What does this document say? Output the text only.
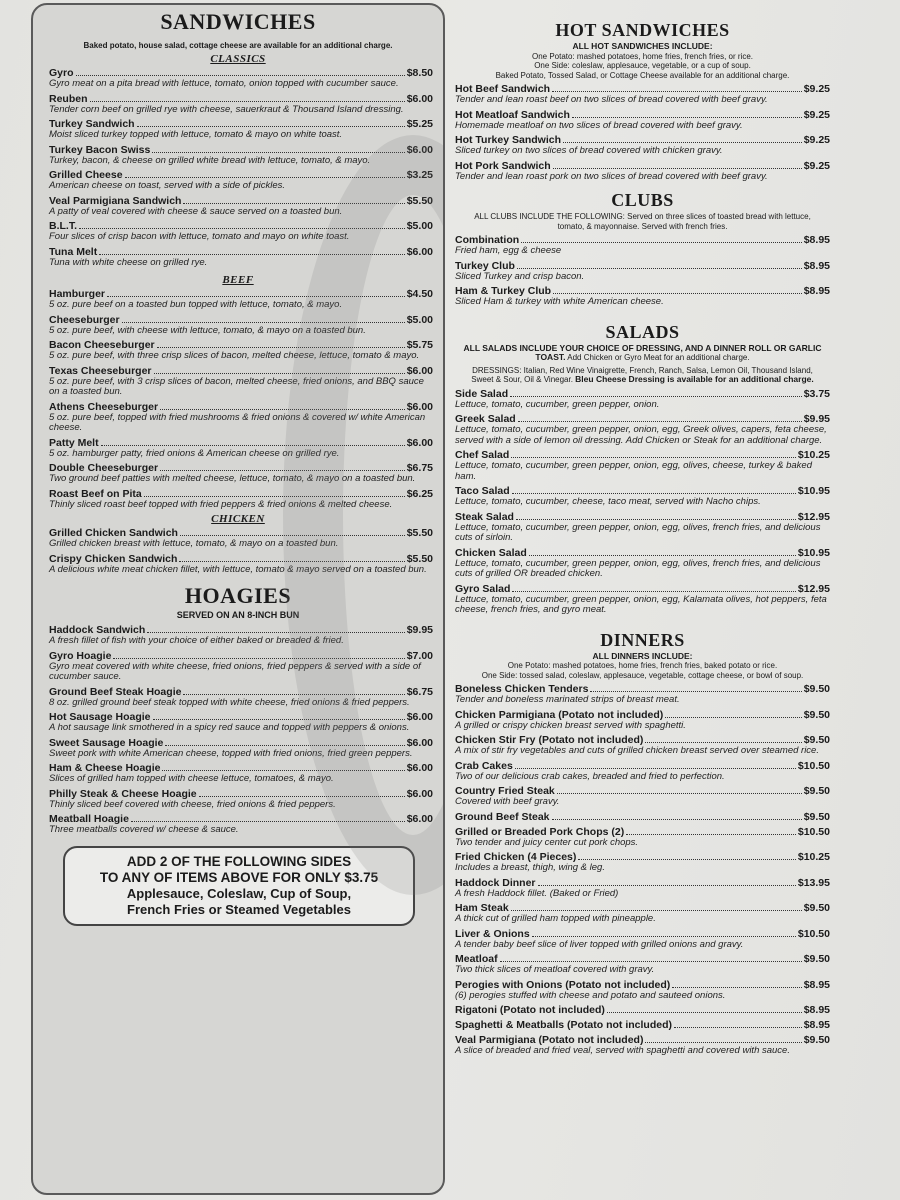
SANDWICHES
Baked potato, house salad, cottage cheese are available for an additional charge.
CLASSICS
Gyro	$8.50
Gyro meat on a pita bread with lettuce, tomato, onion topped with cucumber sauce.
Reuben	$6.00
Tender corn beef on grilled rye with cheese, sauerkraut & Thousand Island dressing.
Turkey Sandwich	$5.25
Moist sliced turkey topped with lettuce, tomato & mayo on white toast.
Turkey Bacon Swiss	$6.00
Turkey, bacon, & cheese on grilled white bread with lettuce, tomato, & mayo.
Grilled Cheese	$3.25
American cheese on toast, served with a side of pickles.
Veal Parmigiana Sandwich	$5.50
A patty of veal covered with cheese & sauce served on a toasted bun.
B.L.T.	$5.00
Four slices of crisp bacon with lettuce, tomato and mayo on white toast.
Tuna Melt	$6.00
Tuna with white cheese on grilled rye.
BEEF
Hamburger	$4.50
5 oz. pure beef on a toasted bun topped with lettuce, tomato, & mayo.
Cheeseburger	$5.00
5 oz. pure beef, with cheese with lettuce, tomato, & mayo on a toasted bun.
Bacon Cheeseburger	$5.75
5 oz. pure beef, with three crisp slices of bacon, melted cheese, lettuce, tomato & mayo.
Texas Cheeseburger	$6.00
5 oz. pure beef, with 3 crisp slices of bacon, melted cheese, fried onions, and BBQ sauce on a toasted bun.
Athens Cheeseburger	$6.00
5 oz. pure beef, topped with fried mushrooms & fried onions & covered w/ white American cheese.
Patty Melt	$6.00
5 oz. hamburger patty, fried onions & American cheese on grilled rye.
Double Cheeseburger	$6.75
Two ground beef patties with melted cheese, lettuce, tomato, & mayo on a toasted bun.
Roast Beef on Pita	$6.25
Thinly sliced roast beef topped with fried peppers & fried onions & melted cheese.
CHICKEN
Grilled Chicken Sandwich	$5.50
Grilled chicken breast with lettuce, tomato, & mayo on a toasted bun.
Crispy Chicken Sandwich	$5.50
A delicious white meat chicken fillet, with lettuce, tomato & mayo served on a toasted bun.
HOAGIES
SERVED ON AN 8-INCH BUN
Haddock Sandwich	$9.95
A fresh fillet of fish with your choice of either baked or breaded & fried.
Gyro Hoagie	$7.00
Gyro meat covered with white cheese, fried onions, fried peppers & served with a side of cucumber sauce.
Ground Beef Steak Hoagie	$6.75
8 oz. grilled ground beef steak topped with white cheese, fried onions & fried peppers.
Hot Sausage Hoagie	$6.00
A hot sausage link smothered in a spicy red sauce and topped with peppers & onions.
Sweet Sausage Hoagie	$6.00
Sweet pork with white American cheese, topped with fried onions, fried green peppers.
Ham & Cheese Hoagie	$6.00
Slices of grilled ham topped with cheese lettuce, tomatoes, & mayo.
Philly Steak & Cheese Hoagie	$6.00
Thinly sliced beef covered with cheese, fried onions & fried peppers.
Meatball Hoagie	$6.00
Three meatballs covered w/ cheese & sauce.
ADD 2 OF THE FOLLOWING SIDES
TO ANY OF ITEMS ABOVE FOR ONLY $3.75
Applesauce, Coleslaw, Cup of Soup,
French Fries or Steamed Vegetables
HOT SANDWICHES
ALL HOT SANDWICHES INCLUDE:
One Potato: mashed potatoes, home fries, french fries, or rice.
One Side: coleslaw, applesauce, vegetable, or a cup of soup.
Baked Potato, Tossed Salad, or Cottage Cheese available for an additional charge.
Hot Beef Sandwich	$9.25
Tender and lean roast beef on two slices of bread covered with beef gravy.
Hot Meatloaf Sandwich	$9.25
Homemade meatloaf on two slices of bread covered with beef gravy.
Hot Turkey Sandwich	$9.25
Sliced turkey on two slices of bread covered with chicken gravy.
Hot Pork Sandwich	$9.25
Tender and lean roast pork on two slices of bread covered with beef gravy.
CLUBS
ALL CLUBS INCLUDE THE FOLLOWING: Served on three slices of toasted bread with lettuce, tomato, & mayonnaise. Served with french fries.
Combination	$8.95
Fried ham, egg & cheese
Turkey Club	$8.95
Sliced Turkey and crisp bacon.
Ham & Turkey Club	$8.95
Sliced Ham & turkey with white American cheese.
SALADS
ALL SALADS INCLUDE YOUR CHOICE OF DRESSING, AND A DINNER ROLL OR GARLIC TOAST. Add Chicken or Gyro Meat for an additional charge.
DRESSINGS: Italian, Red Wine Vinaigrette, French, Ranch, Salsa, Lemon Oil, Thousand Island, Sweet & Sour, Oil & Vinegar. Bleu Cheese Dressing is available for an additional charge.
Side Salad	$3.75
Lettuce, tomato, cucumber, green pepper, onion.
Greek Salad	$9.95
Lettuce, tomato, cucumber, green pepper, onion, egg, Greek olives, capers, feta cheese, served with a side of lemon oil dressing. Add Chicken or Steak for an additional charge.
Chef Salad	$10.25
Lettuce, tomato, cucumber, green pepper, onion, egg, olives, cheese, turkey & baked ham.
Taco Salad	$10.95
Lettuce, tomato, cucumber, cheese, taco meat, served with Nacho chips.
Steak Salad	$12.95
Lettuce, tomato, cucumber, green pepper, onion, egg, olives, french fries, and delicious cuts of sirloin.
Chicken Salad	$10.95
Lettuce, tomato, cucumber, green pepper, onion, egg, olives, french fries, and delicious cuts of grilled OR breaded chicken.
Gyro Salad	$12.95
Lettuce, tomato, cucumber, green pepper, onion, egg, Kalamata olives, hot peppers, feta cheese, french fries, and gyro meat.
DINNERS
ALL DINNERS INCLUDE:
One Potato: mashed potatoes, home fries, french fries, baked potato or rice.
One Side: tossed salad, coleslaw, applesauce, vegetable, cottage cheese, or bowl of soup.
Boneless Chicken Tenders	$9.50
Tender and boneless marinated strips of breast meat.
Chicken Parmigiana (Potato not included)	$9.50
A grilled or crispy chicken breast served with spaghetti.
Chicken Stir Fry (Potato not included)	$9.50
A mix of stir fry vegetables and cuts of grilled chicken breast served over steamed rice.
Crab Cakes	$10.50
Two of our delicious crab cakes, breaded and fried to perfection.
Country Fried Steak	$9.50
Covered with beef gravy.
Ground Beef Steak	$9.50
Grilled or Breaded Pork Chops (2)	$10.50
Two tender and juicy center cut pork chops.
Fried Chicken (4 Pieces)	$10.25
Includes a breast, thigh, wing & leg.
Haddock Dinner	$13.95
A fresh Haddock fillet. (Baked or Fried)
Ham Steak	$9.50
A thick cut of grilled ham topped with pineapple.
Liver & Onions	$10.50
A tender baby beef slice of liver topped with grilled onions and gravy.
Meatloaf	$9.50
Two thick slices of meatloaf covered with gravy.
Perogies with Onions (Potato not included)	$8.95
(6) perogies stuffed with cheese and potato and sauteed onions.
Rigatoni (Potato not included)	$8.95
Spaghetti & Meatballs (Potato not included)	$8.95
Veal Parmigiana (Potato not included)	$9.50
A slice of breaded and fried veal, served with spaghetti and covered with sauce.
